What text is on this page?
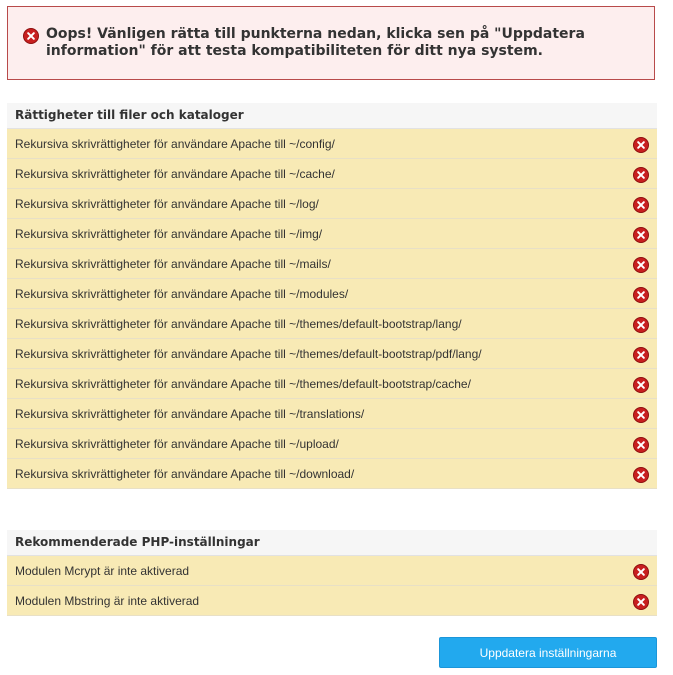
Oops! Vänligen rätta till punkterna nedan, klicka sen på "Uppdatera information" för att testa kompatibiliteten för ditt nya system.
Rättigheter till filer och kataloger
Rekursiva skrivrättigheter för användare Apache till ~/config/
Rekursiva skrivrättigheter för användare Apache till ~/cache/
Rekursiva skrivrättigheter för användare Apache till ~/log/
Rekursiva skrivrättigheter för användare Apache till ~/img/
Rekursiva skrivrättigheter för användare Apache till ~/mails/
Rekursiva skrivrättigheter för användare Apache till ~/modules/
Rekursiva skrivrättigheter för användare Apache till ~/themes/default-bootstrap/lang/
Rekursiva skrivrättigheter för användare Apache till ~/themes/default-bootstrap/pdf/lang/
Rekursiva skrivrättigheter för användare Apache till ~/themes/default-bootstrap/cache/
Rekursiva skrivrättigheter för användare Apache till ~/translations/
Rekursiva skrivrättigheter för användare Apache till ~/upload/
Rekursiva skrivrättigheter för användare Apache till ~/download/
Rekommenderade PHP-inställningar
Modulen Mcrypt är inte aktiverad
Modulen Mbstring är inte aktiverad
Uppdatera inställningarna
